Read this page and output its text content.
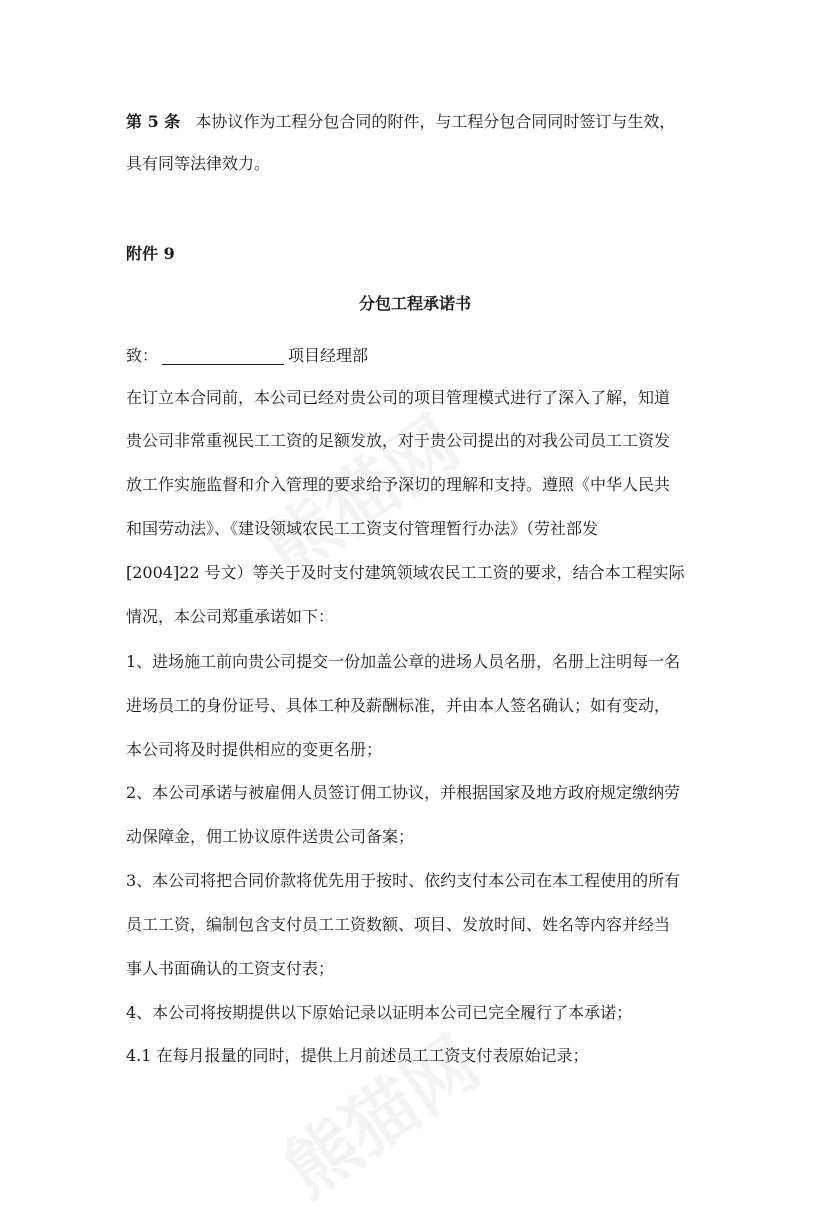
第 5 条 本协议作为工程分包合同的附件，与工程分包合同同时签订与生效，
具有同等法律效力。
附件 9
分包工程承诺书
致：	项目经理部
在订立本合同前，本公司已经对贵公司的项目管理模式进行了深入了解，知道
贵公司非常重视民工工资的足额发放，对于贵公司提出的对我公司员工工资发
放工作实施监督和介入管理的要求给予深切的理解和支持。遵照《中华人民共
和国劳动法》、《建设领域农民工工资支付管理暂行办法》（劳社部发
[2004]22 号文）等关于及时支付建筑领域农民工工资的要求，结合本工程实际
情况，本公司郑重承诺如下：
1、进场施工前向贵公司提交一份加盖公章的进场人员名册，名册上注明每一名
进场员工的身份证号、具体工种及薪酬标准，并由本人签名确认；如有变动，
本公司将及时提供相应的变更名册；
2、本公司承诺与被雇佣人员签订佣工协议，并根据国家及地方政府规定缴纳劳
动保障金，佣工协议原件送贵公司备案；
3、本公司将把合同价款将优先用于按时、依约支付本公司在本工程使用的所有
员工工资，编制包含支付员工工资数额、项目、发放时间、姓名等内容并经当
事人书面确认的工资支付表；
4、本公司将按期提供以下原始记录以证明本公司已完全履行了本承诺；
4.1 在每月报量的同时，提供上月前述员工工资支付表原始记录；
